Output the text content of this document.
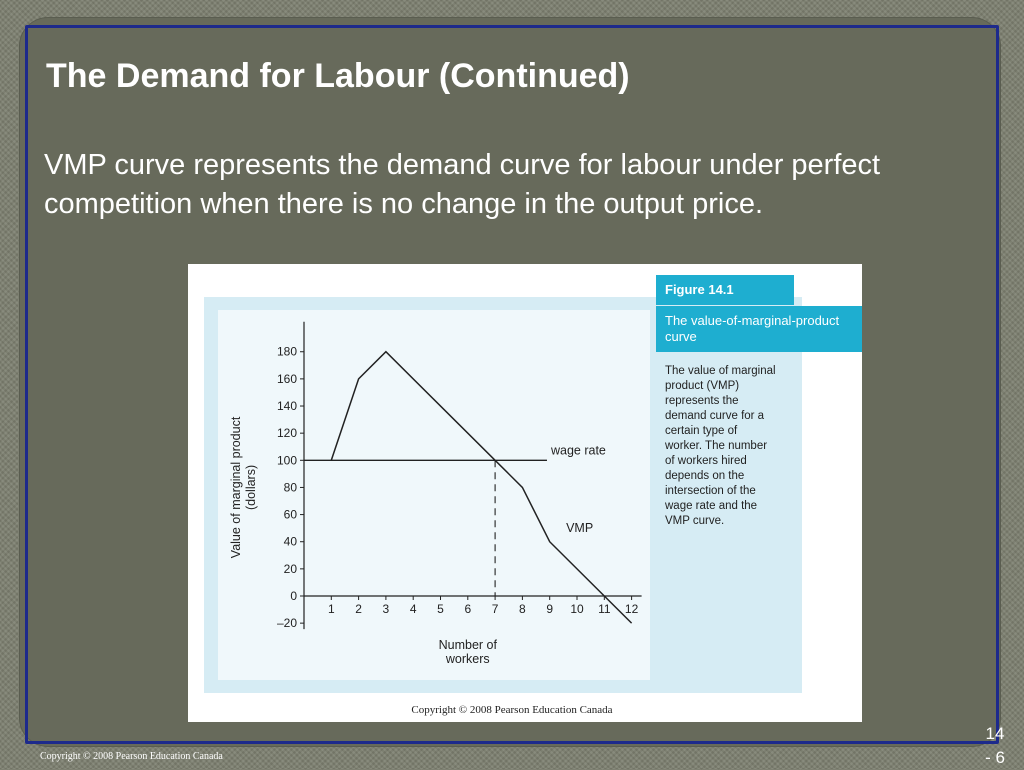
The Demand for Labour (Continued)

VMP curve represents the demand curve for labour under perfect competition when there is no change in the output price.

Figure 14.1
The value-of-marginal-product curve
The value of marginal
product (VMP)
represents the
demand curve for a
certain type of
worker. The number
of workers hired
depends on the
intersection of the
wage rate and the
VMP curve.
–20
0
20
40
60
80
100
120
140
160
180
1 2 3 4 5 6 7 8 9 10 11 12
Value of marginal product(dollars)
Number of workers
wage rate
VMP
Copyright © 2008 Pearson Education Canada
14
- 6
Copyright © 2008 Pearson Education Canada
